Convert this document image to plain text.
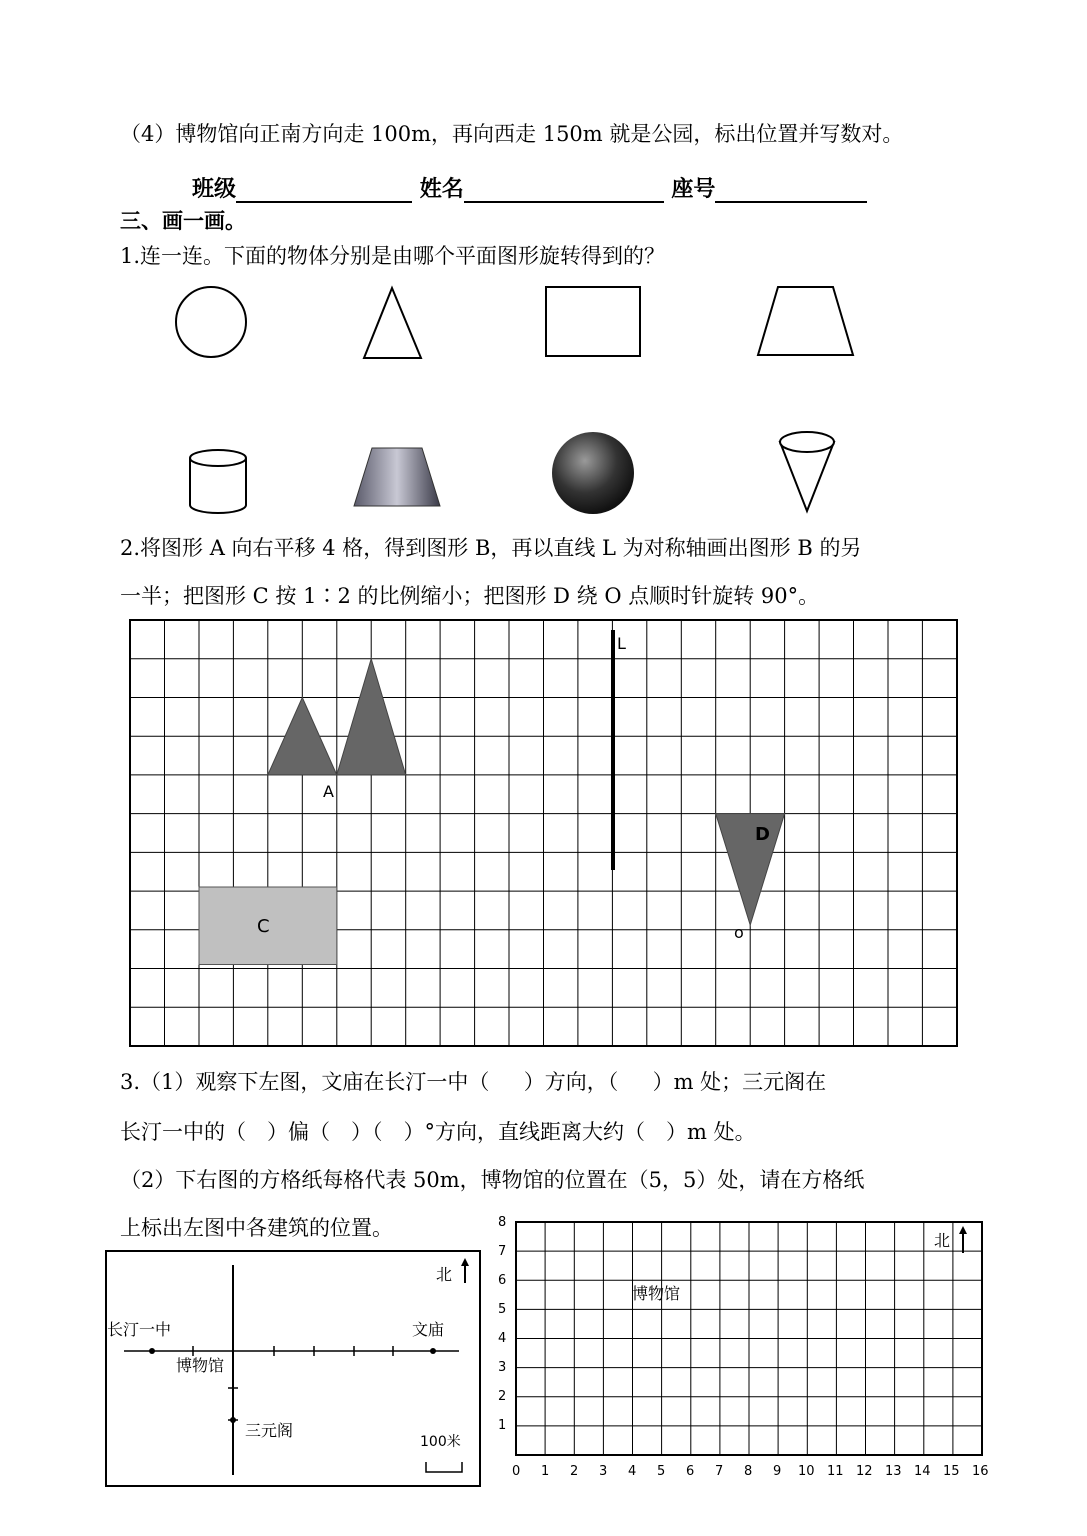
（4）博物馆向正南方向走 100m，再向西走 150m 就是公园，标出位置并写数对。
班级	姓名	座号
三、画一画。
1.连一连。下面的物体分别是由哪个平面图形旋转得到的？
2.将图形 A 向右平移 4 格，得到图形 B，再以直线 L 为对称轴画出图形 B 的另
一半；把图形 C 按 1∶2 的比例缩小；把图形 D 绕 O 点顺时针旋转 90°。
3.（1）观察下左图，文庙在长汀一中（ 　 ）方向，（ 　 ）m 处；三元阁在
长汀一中的（　）偏（　）（　）°方向，直线距离大约（　）m 处。
（2）下右图的方格纸每格代表 50m，博物馆的位置在（5，5）处，请在方格纸
上标出左图中各建筑的位置。
L
A
D
C	o
北
长汀一中	文庙
博物馆
三元阁
100米
北
博物馆
8
7
6
5
4
3
2
1
0 1 2 3 4 5 6 7 8 9 10 11 12 13 14 15 16
